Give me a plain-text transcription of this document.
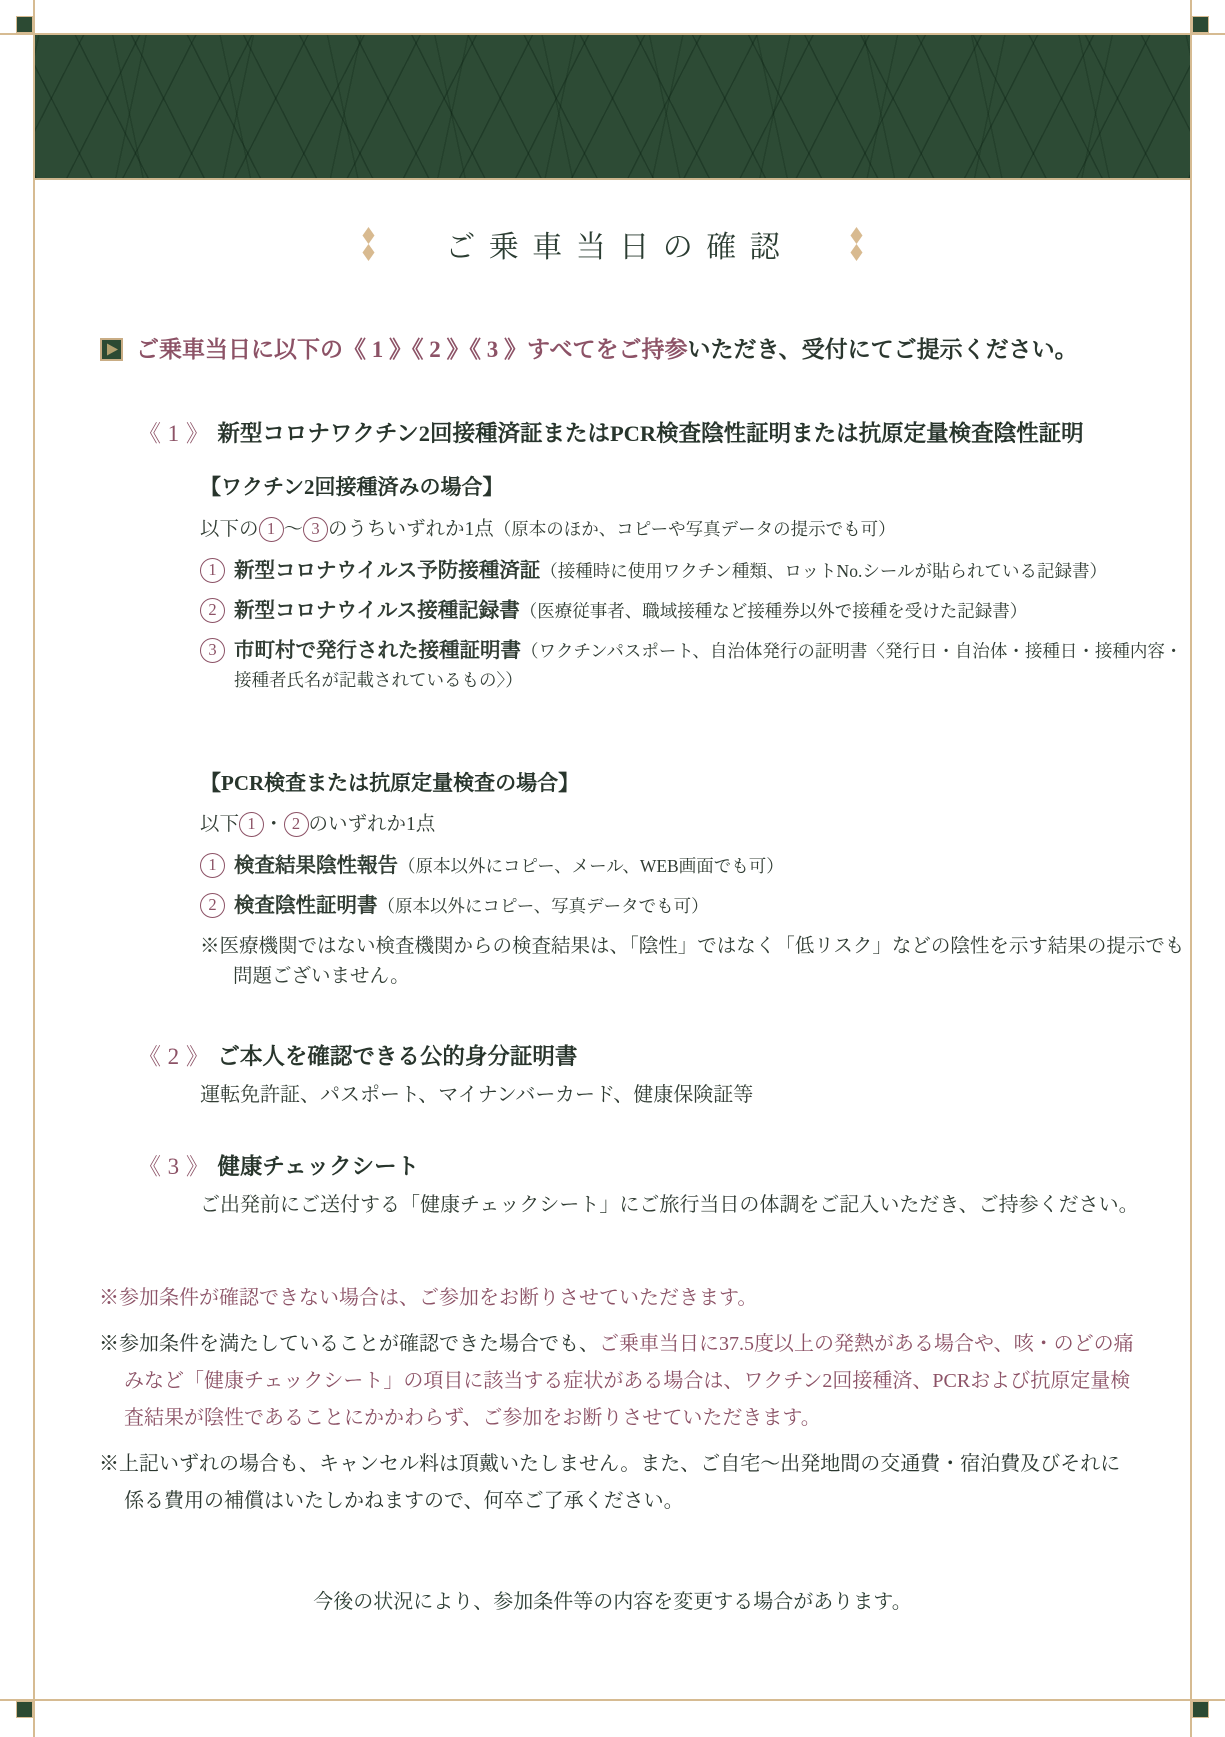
ご乗車当日の確認
ご乗車当日に以下の《 1 》《 2 》《 3 》すべてをご持参いただき、受付にてご提示ください。
《 1 》 新型コロナワクチン2回接種済証またはPCR検査陰性証明または抗原定量検査陰性証明
【ワクチン2回接種済みの場合】
以下の 1 ～ 3 のうちいずれか1点（原本のほか、コピーや写真データの提示でも可）
1 新型コロナウイルス予防接種済証（接種時に使用ワクチン種類、ロットNo.シールが貼られている記録書）
2 新型コロナウイルス接種記録書（医療従事者、職域接種など接種券以外で接種を受けた記録書）
3 市町村で発行された接種証明書（ワクチンパスポート、自治体発行の証明書〈発行日・自治体・接種日・接種内容・接種者氏名が記載されているもの〉）
【PCR検査または抗原定量検査の場合】
以下 1 ・ 2 のいずれか1点
1 検査結果陰性報告（原本以外にコピー、メール、WEB画面でも可）
2 検査陰性証明書（原本以外にコピー、写真データでも可）
※医療機関ではない検査機関からの検査結果は、「陰性」ではなく「低リスク」などの陰性を示す結果の提示でも問題ございません。
《 2 》 ご本人を確認できる公的身分証明書
運転免許証、パスポート、マイナンバーカード、健康保険証等
《 3 》 健康チェックシート
ご出発前にご送付する「健康チェックシート」にご旅行当日の体調をご記入いただき、ご持参ください。

※参加条件が確認できない場合は、ご参加をお断りさせていただきます。

※参加条件を満たしていることが確認できた場合でも、ご乗車当日に37.5度以上の発熱がある場合や、咳・のどの痛みなど「健康チェックシート」の項目に該当する症状がある場合は、ワクチン2回接種済、PCRおよび抗原定量検査結果が陰性であることにかかわらず、ご参加をお断りさせていただきます。

※上記いずれの場合も、キャンセル料は頂戴いたしません。また、ご自宅～出発地間の交通費・宿泊費及びそれに係る費用の補償はいたしかねますので、何卒ご了承ください。

今後の状況により、参加条件等の内容を変更する場合があります。
